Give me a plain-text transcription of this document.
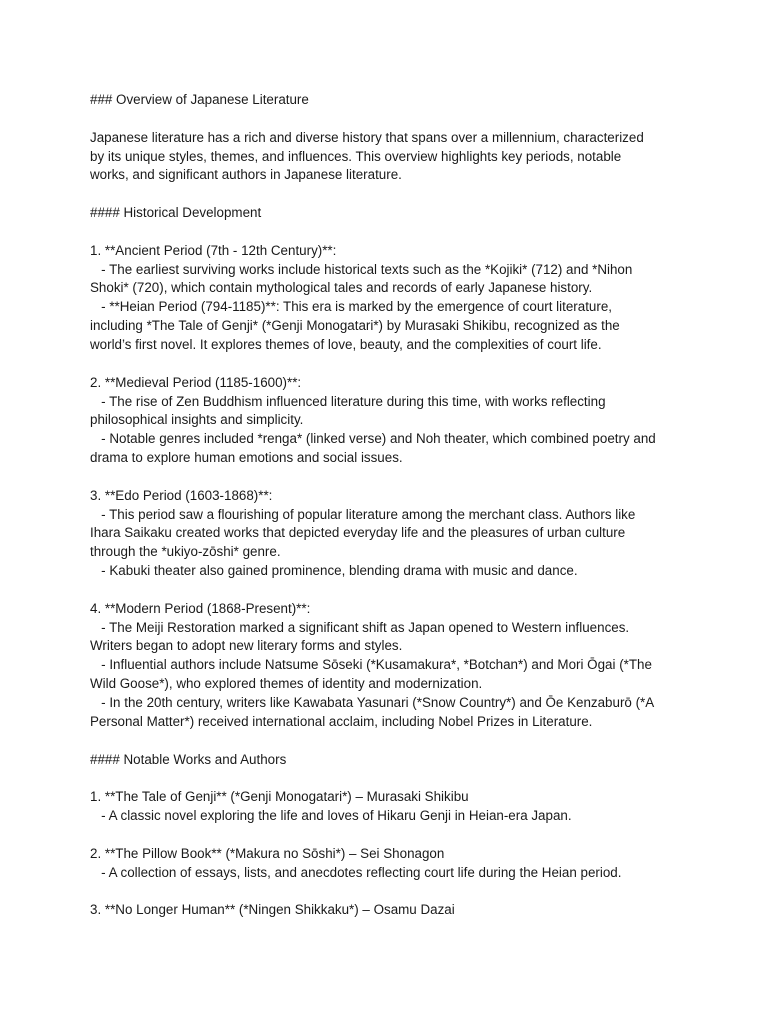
### Overview of Japanese Literature
Japanese literature has a rich and diverse history that spans over a millennium, characterized
by its unique styles, themes, and influences. This overview highlights key periods, notable
works, and significant authors in Japanese literature.
#### Historical Development
1. **Ancient Period (7th - 12th Century)**:
- The earliest surviving works include historical texts such as the *Kojiki* (712) and *Nihon
Shoki* (720), which contain mythological tales and records of early Japanese history.
- **Heian Period (794-1185)**: This era is marked by the emergence of court literature,
including *The Tale of Genji* (*Genji Monogatari*) by Murasaki Shikibu, recognized as the
world’s first novel. It explores themes of love, beauty, and the complexities of court life.
2. **Medieval Period (1185-1600)**:
- The rise of Zen Buddhism influenced literature during this time, with works reflecting
philosophical insights and simplicity.
- Notable genres included *renga* (linked verse) and Noh theater, which combined poetry and
drama to explore human emotions and social issues.
3. **Edo Period (1603-1868)**:
- This period saw a flourishing of popular literature among the merchant class. Authors like
Ihara Saikaku created works that depicted everyday life and the pleasures of urban culture
through the *ukiyo-zōshi* genre.
- Kabuki theater also gained prominence, blending drama with music and dance.
4. **Modern Period (1868-Present)**:
- The Meiji Restoration marked a significant shift as Japan opened to Western influences.
Writers began to adopt new literary forms and styles.
- Influential authors include Natsume Sōseki (*Kusamakura*, *Botchan*) and Mori Ōgai (*The
Wild Goose*), who explored themes of identity and modernization.
- In the 20th century, writers like Kawabata Yasunari (*Snow Country*) and Ōe Kenzaburō (*A
Personal Matter*) received international acclaim, including Nobel Prizes in Literature.
#### Notable Works and Authors
1. **The Tale of Genji** (*Genji Monogatari*) – Murasaki Shikibu
- A classic novel exploring the life and loves of Hikaru Genji in Heian-era Japan.
2. **The Pillow Book** (*Makura no Sōshi*) – Sei Shonagon
- A collection of essays, lists, and anecdotes reflecting court life during the Heian period.
3. **No Longer Human** (*Ningen Shikkaku*) – Osamu Dazai
